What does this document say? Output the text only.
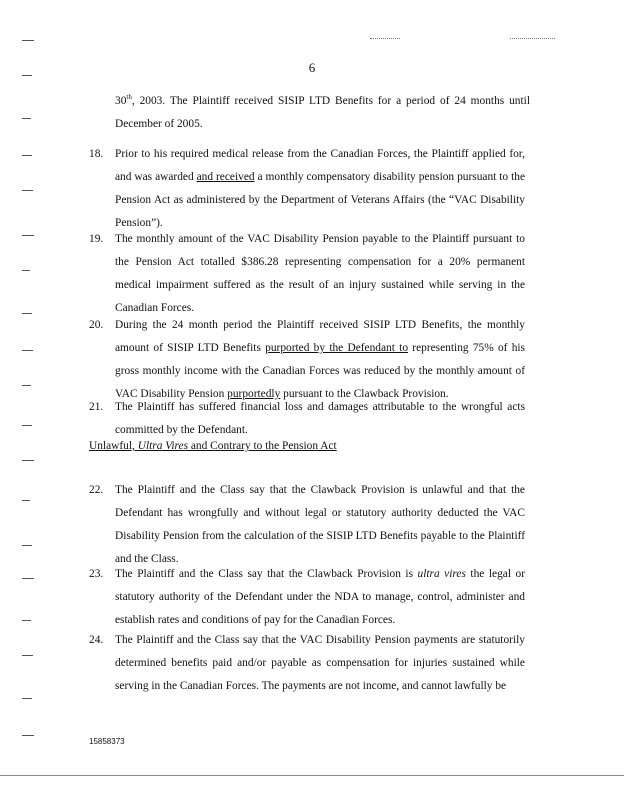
6
30th, 2003. The Plaintiff received SISIP LTD Benefits for a period of 24 months until December of 2005.
18.	Prior to his required medical release from the Canadian Forces, the Plaintiff applied for, and was awarded and received a monthly compensatory disability pension pursuant to the Pension Act as administered by the Department of Veterans Affairs (the “VAC Disability Pension”).
19.	The monthly amount of the VAC Disability Pension payable to the Plaintiff pursuant to the Pension Act totalled $386.28 representing compensation for a 20% permanent medical impairment suffered as the result of an injury sustained while serving in the Canadian Forces.
20.	During the 24 month period the Plaintiff received SISIP LTD Benefits, the monthly amount of SISIP LTD Benefits purported by the Defendant to representing 75% of his gross monthly income with the Canadian Forces was reduced by the monthly amount of VAC Disability Pension purportedly pursuant to the Clawback Provision.
21.	The Plaintiff has suffered financial loss and damages attributable to the wrongful acts committed by the Defendant.
Unlawful, Ultra Vires and Contrary to the Pension Act
22.	The Plaintiff and the Class say that the Clawback Provision is unlawful and that the Defendant has wrongfully and without legal or statutory authority deducted the VAC Disability Pension from the calculation of the SISIP LTD Benefits payable to the Plaintiff and the Class.
23.	The Plaintiff and the Class say that the Clawback Provision is ultra vires the legal or statutory authority of the Defendant under the NDA to manage, control, administer and establish rates and conditions of pay for the Canadian Forces.
24.	The Plaintiff and the Class say that the VAC Disability Pension payments are statutorily determined benefits paid and/or payable as compensation for injuries sustained while serving in the Canadian Forces. The payments are not income, and cannot lawfully be
15858373
